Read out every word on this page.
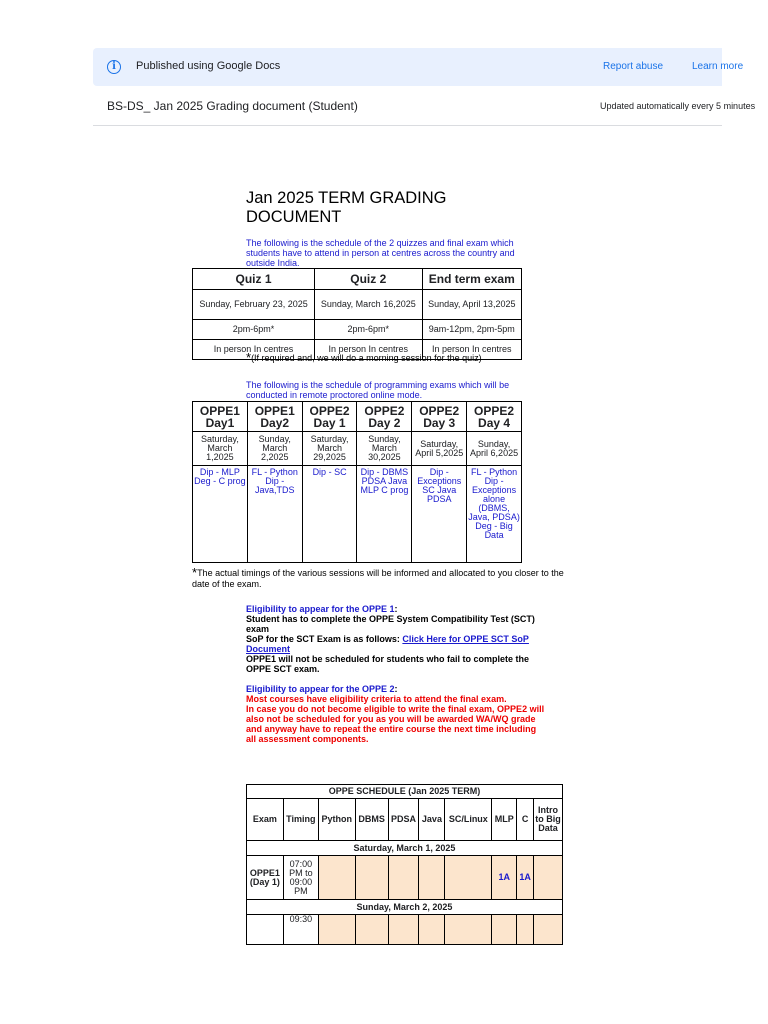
i	Published using Google Docs	Report abuse	Learn more
BS-DS_ Jan 2025 Grading document (Student)	Updated automatically every 5 minutes
Jan 2025 TERM GRADING DOCUMENT
The following is the schedule of the 2 quizzes and final exam which students have to attend in person at centres across the country and outside India.
Quiz 1	Quiz 2	End term exam
Sunday, February 23, 2025	Sunday, March 16,2025	Sunday, April 13,2025
2pm-6pm*	2pm-6pm*	9am-12pm, 2pm-5pm
In person In centres	In person In centres	In person In centres
*(If required and, we will do a morning session for the quiz)
The following is the schedule of programming exams which will be conducted in remote proctored online mode.
OPPE1 Day1	OPPE1 Day2	OPPE2 Day 1	OPPE2 Day 2	OPPE2 Day 3	OPPE2 Day 4
Saturday, March 1,2025	Sunday, March 2,2025	Saturday, March 29,2025	Sunday, March 30,2025	Saturday, April 5,2025	Sunday, April 6,2025
Dip - MLP Deg - C prog	FL - Python Dip - Java,TDS	Dip - SC	Dip - DBMS PDSA Java MLP C prog	Dip - Exceptions SC Java PDSA	FL - Python Dip - Exceptions alone (DBMS, Java, PDSA) Deg - Big Data
*The actual timings of the various sessions will be informed and allocated to you closer to the date of the exam.
Eligibility to appear for the OPPE 1:
Student has to complete the OPPE System Compatibility Test (SCT) exam
SoP for the SCT Exam is as follows: Click Here for OPPE SCT SoP Document
OPPE1 will not be scheduled for students who fail to complete the OPPE SCT exam.
Eligibility to appear for the OPPE 2:
Most courses have eligibility criteria to attend the final exam.
In case you do not become eligible to write the final exam, OPPE2 will also not be scheduled for you as you will be awarded WA/WQ grade and anyway have to repeat the entire course the next time including all assessment components.
OPPE SCHEDULE (Jan 2025 TERM)									
Exam	Timing	Python	DBMS	PDSA	Java	SC/Linux	MLP	C	Intro to Big Data
Saturday, March 1, 2025									
OPPE1 (Day 1)	07:00 PM to 09:00 PM						1A	1A	
Sunday, March 2, 2025									
	09:30								
